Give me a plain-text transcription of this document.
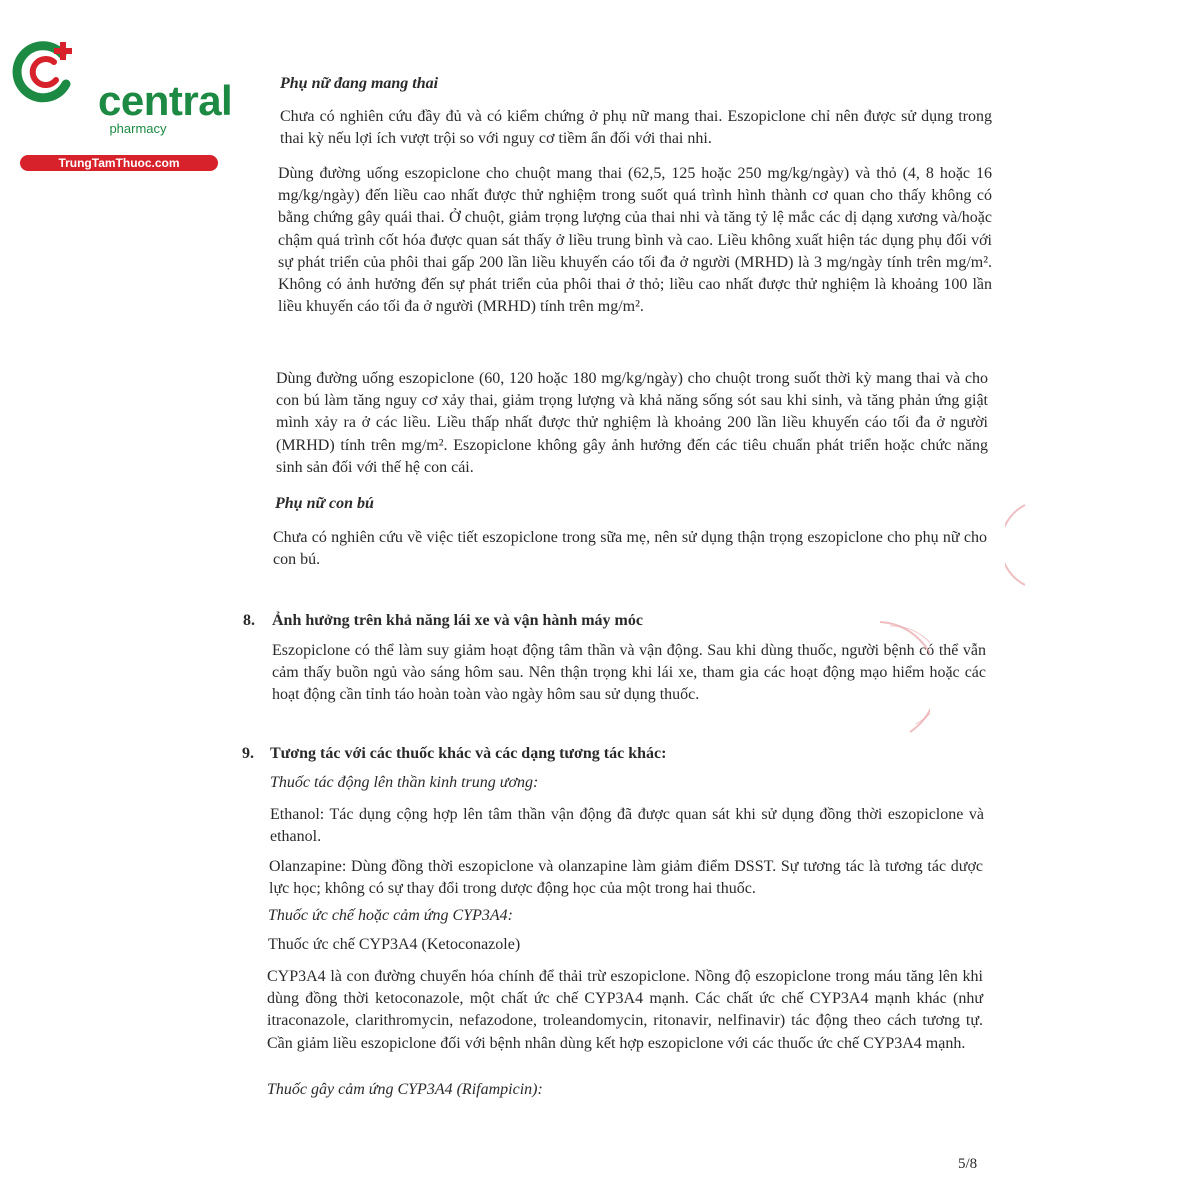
central
pharmacy
TrungTamThuoc.com
Phụ nữ đang mang thai
Chưa có nghiên cứu đầy đủ và có kiểm chứng ở phụ nữ mang thai. Eszopiclone chỉ nên được sử dụng trong thai kỳ nếu lợi ích vượt trội so với nguy cơ tiềm ẩn đối với thai nhi.
Dùng đường uống eszopiclone cho chuột mang thai (62,5, 125 hoặc 250 mg/kg/ngày) và thỏ (4, 8 hoặc 16 mg/kg/ngày) đến liều cao nhất được thử nghiệm trong suốt quá trình hình thành cơ quan cho thấy không có bằng chứng gây quái thai. Ở chuột, giảm trọng lượng của thai nhi và tăng tỷ lệ mắc các dị dạng xương và/hoặc chậm quá trình cốt hóa được quan sát thấy ở liều trung bình và cao. Liều không xuất hiện tác dụng phụ đối với sự phát triển của phôi thai gấp 200 lần liều khuyến cáo tối đa ở người (MRHD) là 3 mg/ngày tính trên mg/m². Không có ảnh hưởng đến sự phát triển của phôi thai ở thỏ; liều cao nhất được thử nghiệm là khoảng 100 lần liều khuyến cáo tối đa ở người (MRHD) tính trên mg/m².
Dùng đường uống eszopiclone (60, 120 hoặc 180 mg/kg/ngày) cho chuột trong suốt thời kỳ mang thai và cho con bú làm tăng nguy cơ xảy thai, giảm trọng lượng và khả năng sống sót sau khi sinh, và tăng phản ứng giật mình xảy ra ở các liều. Liều thấp nhất được thử nghiệm là khoảng 200 lần liều khuyến cáo tối đa ở người (MRHD) tính trên mg/m². Eszopiclone không gây ảnh hưởng đến các tiêu chuẩn phát triển hoặc chức năng sinh sản đối với thế hệ con cái.
Phụ nữ con bú
Chưa có nghiên cứu về việc tiết eszopiclone trong sữa mẹ, nên sử dụng thận trọng eszopiclone cho phụ nữ cho con bú.
8. Ảnh hưởng trên khả năng lái xe và vận hành máy móc
Eszopiclone có thể làm suy giảm hoạt động tâm thần và vận động. Sau khi dùng thuốc, người bệnh có thể vẫn cảm thấy buồn ngủ vào sáng hôm sau. Nên thận trọng khi lái xe, tham gia các hoạt động mạo hiểm hoặc các hoạt động cần tỉnh táo hoàn toàn vào ngày hôm sau sử dụng thuốc.
9. Tương tác với các thuốc khác và các dạng tương tác khác:
Thuốc tác động lên thần kinh trung ương:
Ethanol: Tác dụng cộng hợp lên tâm thần vận động đã được quan sát khi sử dụng đồng thời eszopiclone và ethanol.
Olanzapine: Dùng đồng thời eszopiclone và olanzapine làm giảm điểm DSST. Sự tương tác là tương tác dược lực học; không có sự thay đổi trong dược động học của một trong hai thuốc.
Thuốc ức chế hoặc cảm ứng CYP3A4:
Thuốc ức chế CYP3A4 (Ketoconazole)
CYP3A4 là con đường chuyển hóa chính để thải trừ eszopiclone. Nồng độ eszopiclone trong máu tăng lên khi dùng đồng thời ketoconazole, một chất ức chế CYP3A4 mạnh. Các chất ức chế CYP3A4 mạnh khác (như itraconazole, clarithromycin, nefazodone, troleandomycin, ritonavir, nelfinavir) tác động theo cách tương tự. Cần giảm liều eszopiclone đối với bệnh nhân dùng kết hợp eszopiclone với các thuốc ức chế CYP3A4 mạnh.
Thuốc gây cảm ứng CYP3A4 (Rifampicin):
5/8
